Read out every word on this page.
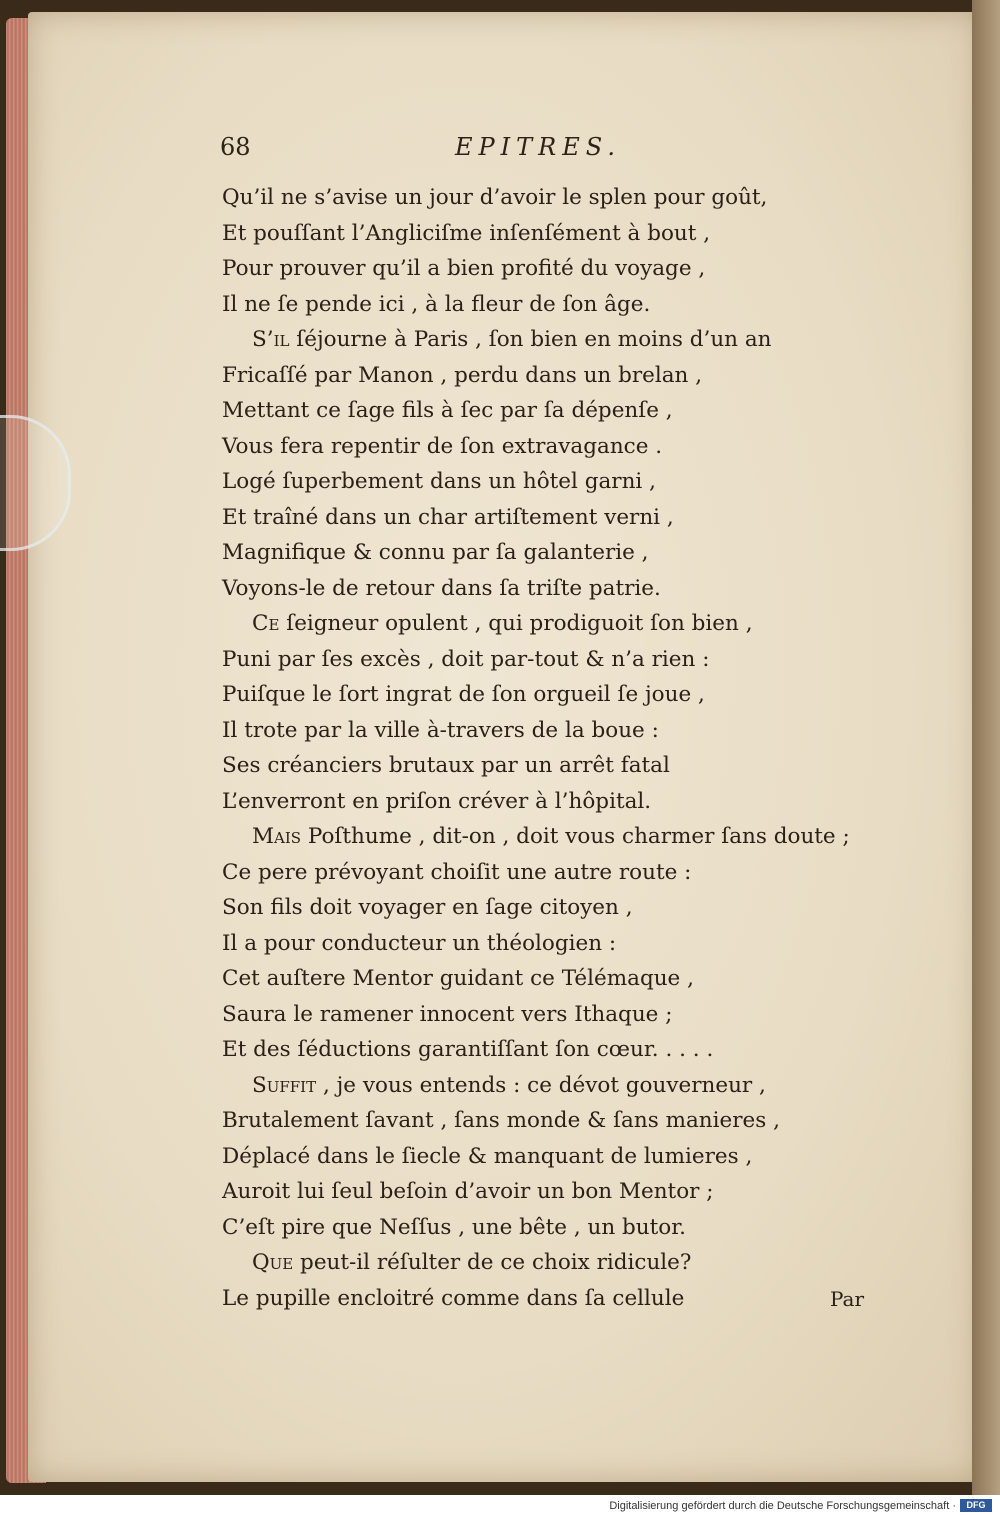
68	EPITRES.
Qu’il ne s’avise un jour d’avoir le splen pour goût,
Et pouſſant l’Angliciſme inſenſément à bout ,
Pour prouver qu’il a bien profité du voyage ,
Il ne ſe pende ici , à la fleur de ſon âge.
S’il ſéjourne à Paris , ſon bien en moins d’un an
Fricaſſé par Manon , perdu dans un brelan ,
Mettant ce ſage fils à ſec par ſa dépenſe ,
Vous fera repentir de ſon extravagance .
Logé ſuperbement dans un hôtel garni ,
Et traîné dans un char artiſtement verni ,
Magnifique & connu par ſa galanterie ,
Voyons-le de retour dans ſa triſte patrie.
Ce ſeigneur opulent , qui prodiguoit ſon bien ,
Puni par ſes excès , doit par-tout & n’a rien :
Puiſque le ſort ingrat de ſon orgueil ſe joue ,
Il trote par la ville à-travers de la boue :
Ses créanciers brutaux par un arrêt fatal
L’enverront en priſon créver à l’hôpital.
Mais Poſthume , dit-on , doit vous charmer ſans doute ;
Ce pere prévoyant choiſit une autre route :
Son fils doit voyager en ſage citoyen ,
Il a pour conducteur un théologien :
Cet auſtere Mentor guidant ce Télémaque ,
Saura le ramener innocent vers Ithaque ;
Et des ſéductions garantiſſant ſon cœur. . . . .
Suffit , je vous entends : ce dévot gouverneur ,
Brutalement ſavant , ſans monde & ſans manieres ,
Déplacé dans le ſiecle & manquant de lumieres ,
Auroit lui ſeul beſoin d’avoir un bon Mentor ;
C’eſt pire que Neſſus , une bête , un butor.
Que peut-il réſulter de ce choix ridicule?
Le pupille encloitré comme dans ſa cellule	Par
Digitalisierung gefördert durch die Deutsche Forschungsgemeinschaft ·	DFG
